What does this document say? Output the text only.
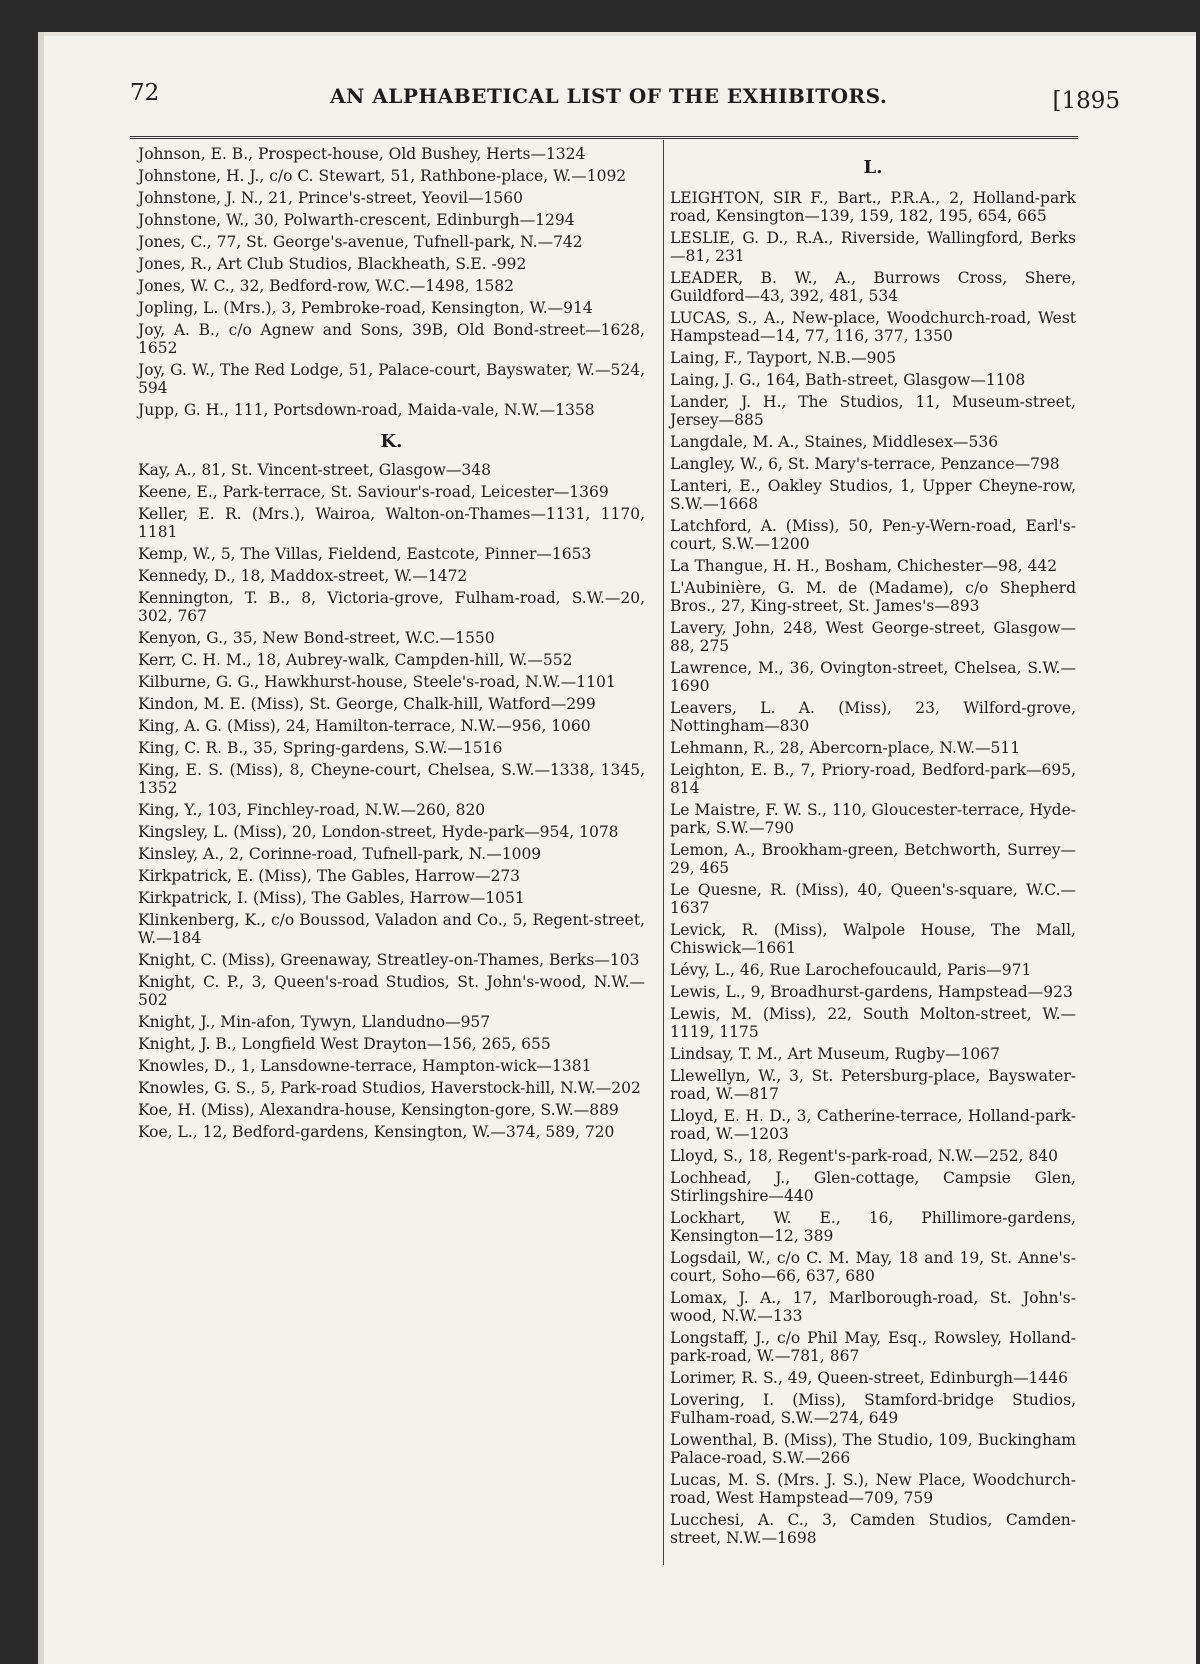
72	AN ALPHABETICAL LIST OF THE EXHIBITORS.	[1895
Johnson, E. B., Prospect-house, Old Bushey, Herts—1324
Johnstone, H. J., c/o C. Stewart, 51, Rathbone-place, W.—1092
Johnstone, J. N., 21, Prince's-street, Yeovil—1560
Johnstone, W., 30, Polwarth-crescent, Edinburgh—1294
Jones, C., 77, St. George's-avenue, Tufnell-park, N.—742
Jones, R., Art Club Studios, Blackheath, S.E. -992
Jones, W. C., 32, Bedford-row, W.C.—1498, 1582
Jopling, L. (Mrs.), 3, Pembroke-road, Kensington, W.—914
Joy, A. B., c/o Agnew and Sons, 39B, Old Bond-street—1628, 1652
Joy, G. W., The Red Lodge, 51, Palace-court, Bayswater, W.—524, 594
Jupp, G. H., 111, Portsdown-road, Maida-vale, N.W.—1358
K.
Kay, A., 81, St. Vincent-street, Glasgow—348
Keene, E., Park-terrace, St. Saviour's-road, Leicester—1369
Keller, E. R. (Mrs.), Wairoa, Walton-on-Thames—1131, 1170, 1181
Kemp, W., 5, The Villas, Fieldend, Eastcote, Pinner—1653
Kennedy, D., 18, Maddox-street, W.—1472
Kennington, T. B., 8, Victoria-grove, Fulham-road, S.W.—20, 302, 767
Kenyon, G., 35, New Bond-street, W.C.—1550
Kerr, C. H. M., 18, Aubrey-walk, Campden-hill, W.—552
Kilburne, G. G., Hawkhurst-house, Steele's-road, N.W.—1101
Kindon, M. E. (Miss), St. George, Chalk-hill, Watford—299
King, A. G. (Miss), 24, Hamilton-terrace, N.W.—956, 1060
King, C. R. B., 35, Spring-gardens, S.W.—1516
King, E. S. (Miss), 8, Cheyne-court, Chelsea, S.W.—1338, 1345, 1352
King, Y., 103, Finchley-road, N.W.—260, 820
Kingsley, L. (Miss), 20, London-street, Hyde-park—954, 1078
Kinsley, A., 2, Corinne-road, Tufnell-park, N.—1009
Kirkpatrick, E. (Miss), The Gables, Harrow—273
Kirkpatrick, I. (Miss), The Gables, Harrow—1051
Klinkenberg, K., c/o Boussod, Valadon and Co., 5, Regent-street, W.—184
Knight, C. (Miss), Greenaway, Streatley-on-Thames, Berks—103
Knight, C. P., 3, Queen's-road Studios, St. John's-wood, N.W.—502
Knight, J., Min-afon, Tywyn, Llandudno—957
Knight, J. B., Longfield West Drayton—156, 265, 655
Knowles, D., 1, Lansdowne-terrace, Hampton-wick—1381
Knowles, G. S., 5, Park-road Studios, Haverstock-hill, N.W.—202
Koe, H. (Miss), Alexandra-house, Kensington-gore, S.W.—889
Koe, L., 12, Bedford-gardens, Kensington, W.—374, 589, 720
L.
LEIGHTON, SIR F., Bart., P.R.A., 2, Holland-park road, Kensington—139, 159, 182, 195, 654, 665
LESLIE, G. D., R.A., Riverside, Wallingford, Berks—81, 231
LEADER, B. W., A., Burrows Cross, Shere, Guildford—43, 392, 481, 534
LUCAS, S., A., New-place, Woodchurch-road, West Hampstead—14, 77, 116, 377, 1350
Laing, F., Tayport, N.B.—905
Laing, J. G., 164, Bath-street, Glasgow—1108
Lander, J. H., The Studios, 11, Museum-street, Jersey—885
Langdale, M. A., Staines, Middlesex—536
Langley, W., 6, St. Mary's-terrace, Penzance—798
Lanteri, E., Oakley Studios, 1, Upper Cheyne-row, S.W.—1668
Latchford, A. (Miss), 50, Pen-y-Wern-road, Earl's-court, S.W.—1200
La Thangue, H. H., Bosham, Chichester—98, 442
L'Aubinière, G. M. de (Madame), c/o Shepherd Bros., 27, King-street, St. James's—893
Lavery, John, 248, West George-street, Glasgow—88, 275
Lawrence, M., 36, Ovington-street, Chelsea, S.W.—1690
Leavers, L. A. (Miss), 23, Wilford-grove, Nottingham—830
Lehmann, R., 28, Abercorn-place, N.W.—511
Leighton, E. B., 7, Priory-road, Bedford-park—695, 814
Le Maistre, F. W. S., 110, Gloucester-terrace, Hyde-park, S.W.—790
Lemon, A., Brookham-green, Betchworth, Surrey—29, 465
Le Quesne, R. (Miss), 40, Queen's-square, W.C.—1637
Levick, R. (Miss), Walpole House, The Mall, Chiswick—1661
Lévy, L., 46, Rue Larochefoucauld, Paris—971
Lewis, L., 9, Broadhurst-gardens, Hampstead—923
Lewis, M. (Miss), 22, South Molton-street, W.—1119, 1175
Lindsay, T. M., Art Museum, Rugby—1067
Llewellyn, W., 3, St. Petersburg-place, Bayswater-road, W.—817
Lloyd, E. H. D., 3, Catherine-terrace, Holland-park-road, W.—1203
Lloyd, S., 18, Regent's-park-road, N.W.—252, 840
Lochhead, J., Glen-cottage, Campsie Glen, Stirlingshire—440
Lockhart, W. E., 16, Phillimore-gardens, Kensington—12, 389
Logsdail, W., c/o C. M. May, 18 and 19, St. Anne's-court, Soho—66, 637, 680
Lomax, J. A., 17, Marlborough-road, St. John's-wood, N.W.—133
Longstaff, J., c/o Phil May, Esq., Rowsley, Holland-park-road, W.—781, 867
Lorimer, R. S., 49, Queen-street, Edinburgh—1446
Lovering, I. (Miss), Stamford-bridge Studios, Fulham-road, S.W.—274, 649
Lowenthal, B. (Miss), The Studio, 109, Buckingham Palace-road, S.W.—266
Lucas, M. S. (Mrs. J. S.), New Place, Woodchurch-road, West Hampstead—709, 759
Lucchesi, A. C., 3, Camden Studios, Camden-street, N.W.—1698
